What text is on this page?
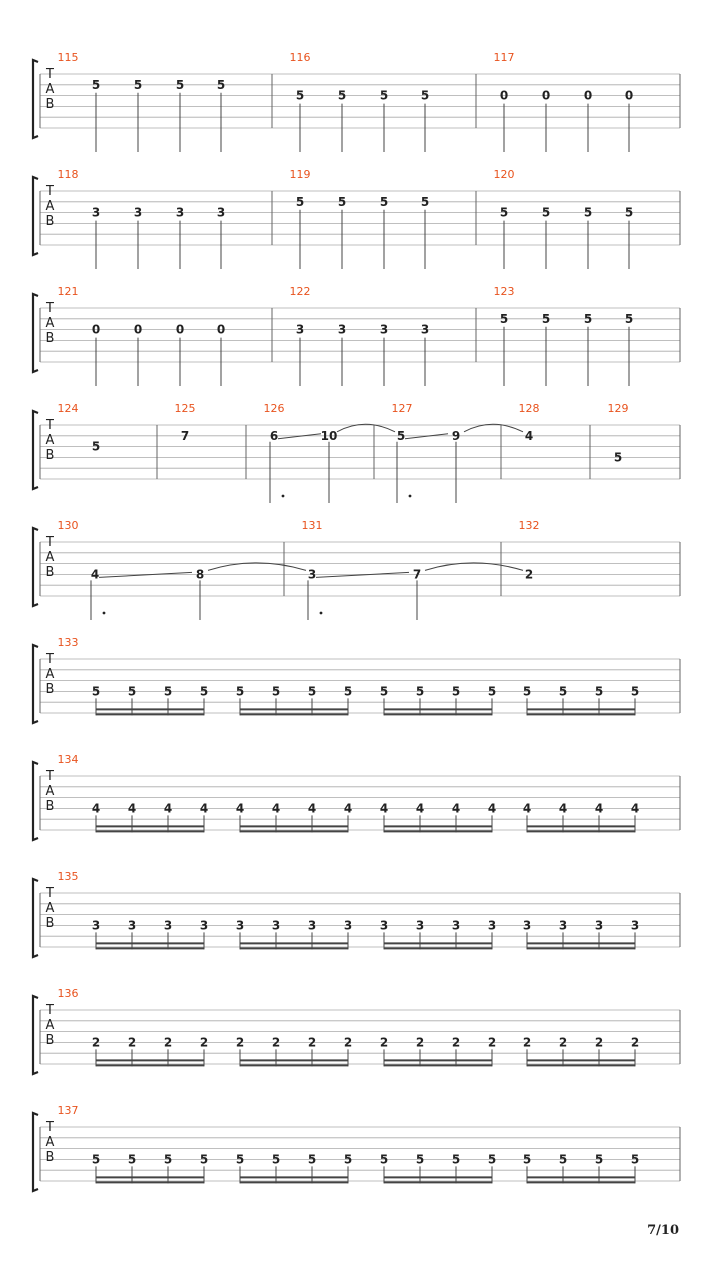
T
A
B
115
5	5	5	5
116
5	5	5	5
117
0	0	0	0
T
A
B
118
3	3	3	3
119
5	5	5	5
120
5	5	5	5
T
A
B
121
0	0	0	0
122
3	3	3	3
123
5	5	5	5
T
A
B
124
5
125
7
126
6	10
127
5	9
128
4
129
5
T
A
B
130
4	8
131
3	7
132
2
T
A
B
133
5 5 5 5 5 5 5 5 5 5 5 5 5 5 5 5
T
A
B
134
4 4 4 4 4 4 4 4 4 4 4 4 4 4 4 4
T
A
B
135
3 3 3 3 3 3 3 3 3 3 3 3 3 3 3 3
T
A
B
136
2 2 2 2 2 2 2 2 2 2 2 2 2 2 2 2
T
A
B
137
5 5 5 5 5 5 5 5 5 5 5 5 5 5 5 5
7/10
